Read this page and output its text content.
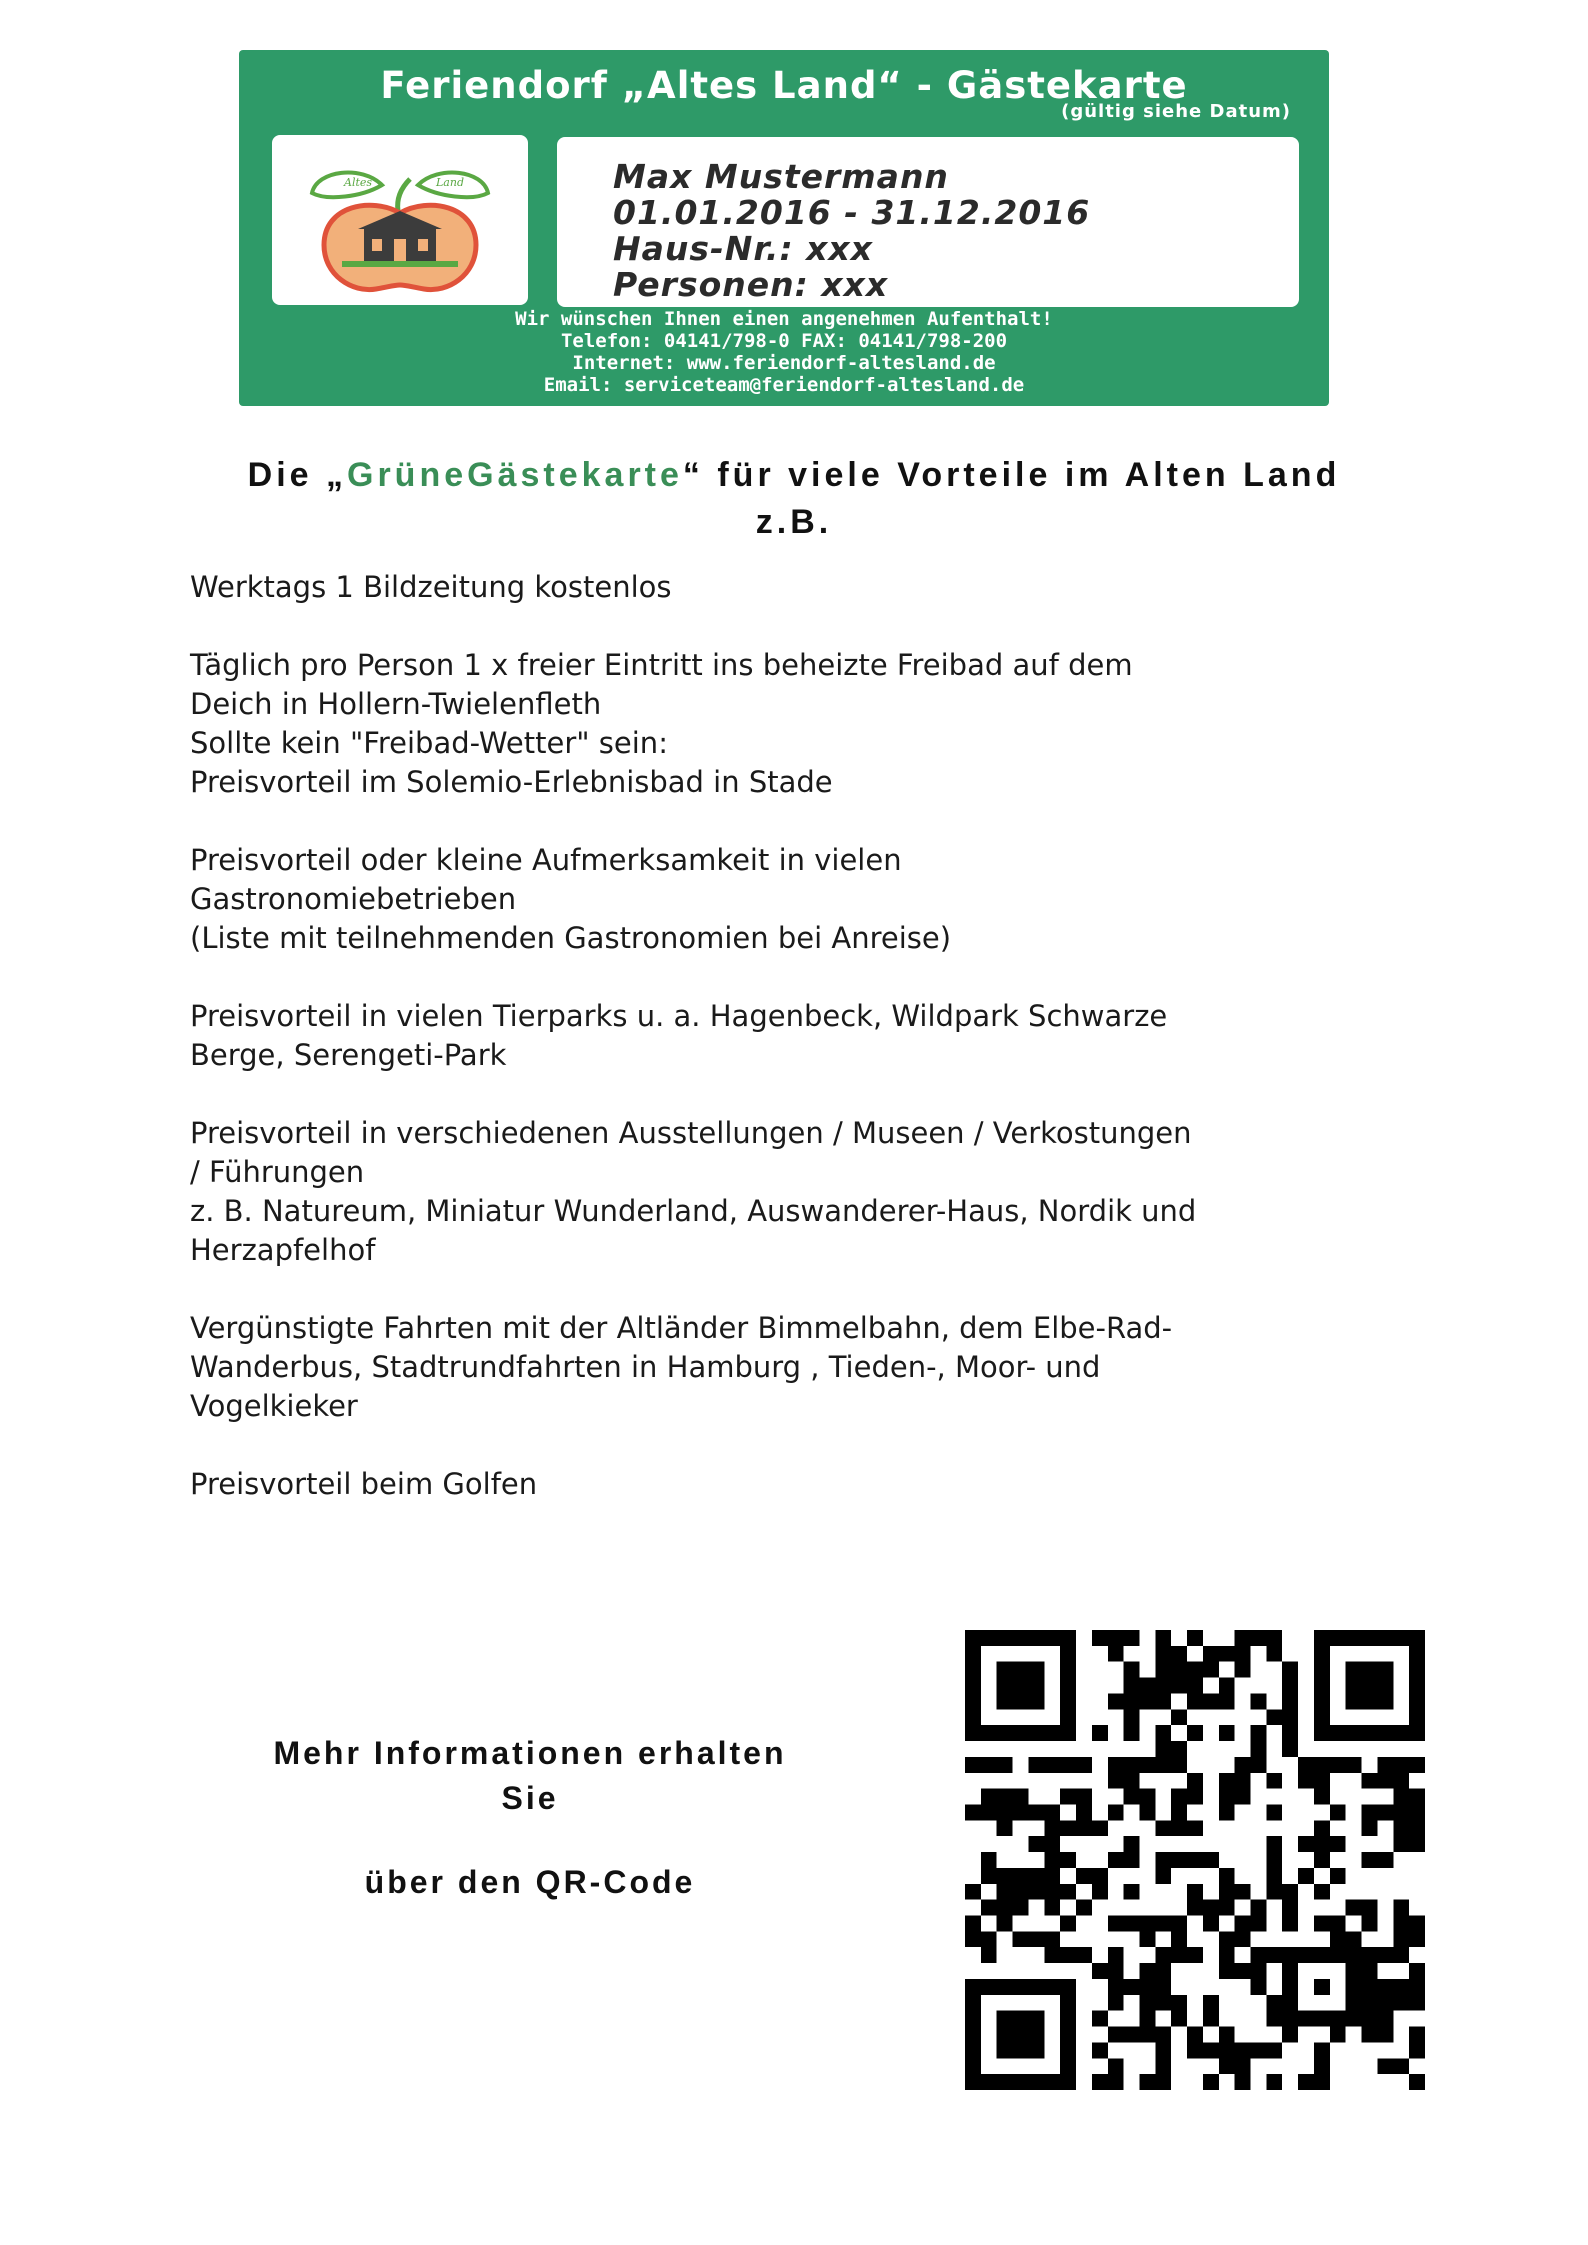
Feriendorf „Altes Land“ - Gästekarte
(gültig siehe Datum)
Altes	Land	Max Mustermann
01.01.2016 - 31.12.2016
Haus-Nr.: xxx
Personen: xxx
Wir wünschen Ihnen einen angenehmen Aufenthalt!
Telefon: 04141/798-0 FAX: 04141/798-200
Internet: www.feriendorf-altesland.de
Email: serviceteam@feriendorf-altesland.de
Die „GrüneGästekarte“ für viele Vorteile im Alten Land
z.B.
Werktags 1 Bildzeitung kostenlos
Täglich pro Person 1 x freier Eintritt ins beheizte Freibad auf dem
Deich in Hollern-Twielenfleth
Sollte kein "Freibad-Wetter" sein:
Preisvorteil im Solemio-Erlebnisbad in Stade
Preisvorteil oder kleine Aufmerksamkeit in vielen
Gastronomiebetrieben
(Liste mit teilnehmenden Gastronomien bei Anreise)
Preisvorteil in vielen Tierparks u. a. Hagenbeck, Wildpark Schwarze
Berge, Serengeti-Park
Preisvorteil in verschiedenen Ausstellungen / Museen / Verkostungen
/ Führungen
z. B. Natureum, Miniatur Wunderland, Auswanderer-Haus, Nordik und
Herzapfelhof
Vergünstigte Fahrten mit der Altländer Bimmelbahn, dem Elbe-Rad-
Wanderbus, Stadtrundfahrten in Hamburg , Tieden-, Moor- und
Vogelkieker
Preisvorteil beim Golfen
Mehr Informationen erhalten
Sie
über den QR-Code
